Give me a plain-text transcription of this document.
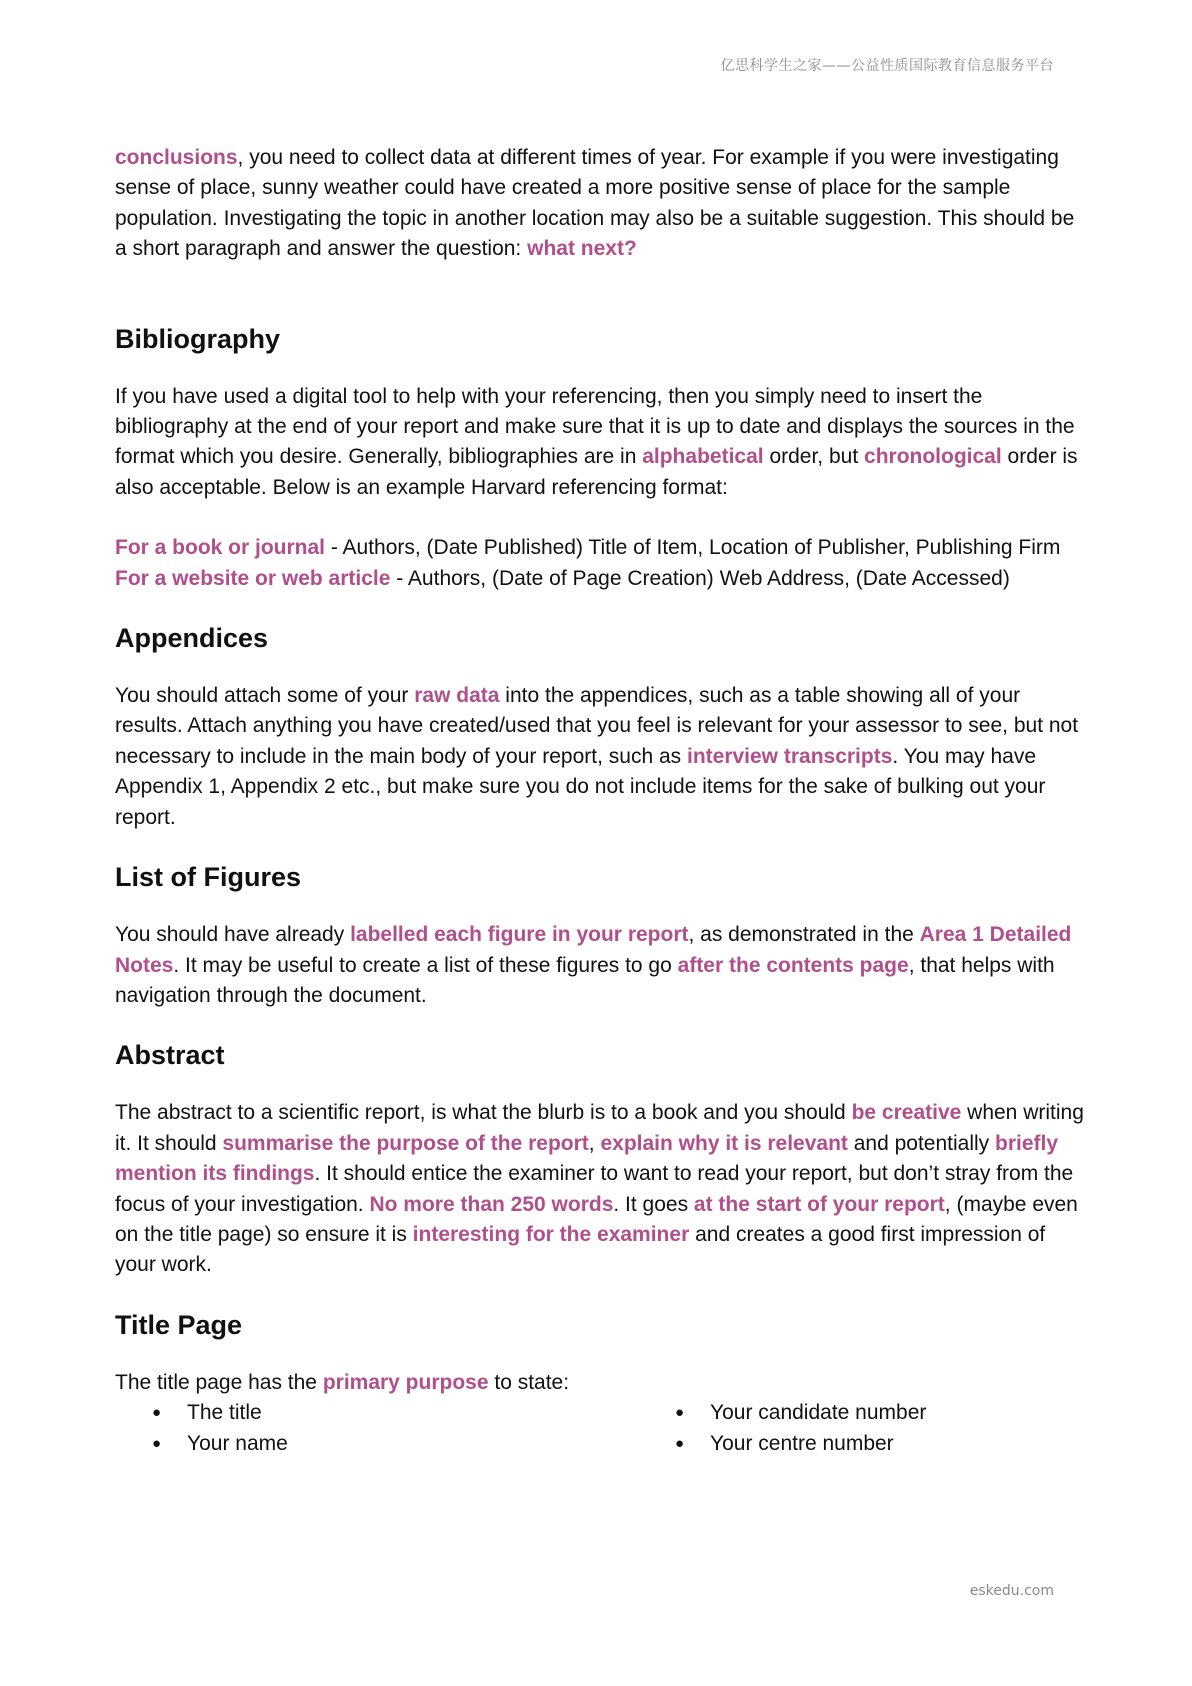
亿思科学生之家——公益性质国际教育信息服务平台

conclusions, you need to collect data at different times of year. For example if you were investigating sense of place, sunny weather could have created a more positive sense of place for the sample population. Investigating the topic in another location may also be a suitable suggestion. This should be a short paragraph and answer the question: what next?

Bibliography

If you have used a digital tool to help with your referencing, then you simply need to insert the bibliography at the end of your report and make sure that it is up to date and displays the sources in the format which you desire. Generally, bibliographies are in alphabetical order, but chronological order is also acceptable. Below is an example Harvard referencing format:

For a book or journal - Authors, (Date Published) Title of Item, Location of Publisher, Publishing Firm

For a website or web article - Authors, (Date of Page Creation) Web Address, (Date Accessed)

Appendices

You should attach some of your raw data into the appendices, such as a table showing all of your results. Attach anything you have created/used that you feel is relevant for your assessor to see, but not necessary to include in the main body of your report, such as interview transcripts. You may have Appendix 1, Appendix 2 etc., but make sure you do not include items for the sake of bulking out your report.

List of Figures

You should have already labelled each figure in your report, as demonstrated in the Area 1 Detailed Notes. It may be useful to create a list of these figures to go after the contents page, that helps with navigation through the document.

Abstract

The abstract to a scientific report, is what the blurb is to a book and you should be creative when writing it. It should summarise the purpose of the report, explain why it is relevant and potentially briefly mention its findings. It should entice the examiner to want to read your report, but don’t stray from the focus of your investigation. No more than 250 words. It goes at the start of your report, (maybe even on the title page) so ensure it is interesting for the examiner and creates a good first impression of your work.

Title Page

The title page has the primary purpose to state:

● The title
● Your name
● Your candidate number
● Your centre number
eskedu.com
